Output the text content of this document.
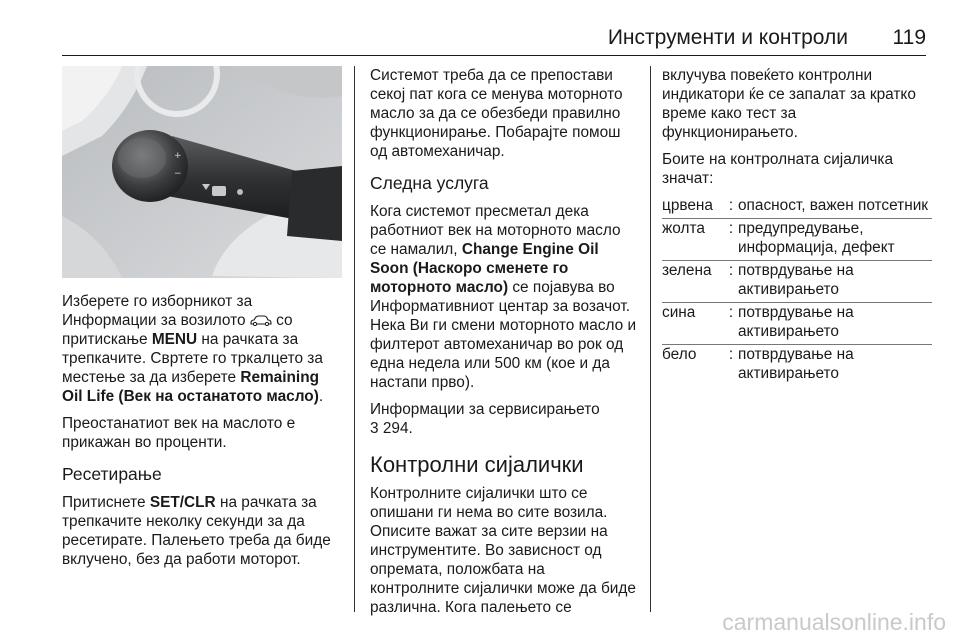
Инструменти и контроли 119
+
−

Изберете го изборникот за Информации за возилото  со притискање MENU на рачката за трепкачите. Свртете го тркалцето за местење за да изберете Remaining Oil Life (Век на останатото масло).

Преостанатиот век на маслото е прикажан во проценти.

Ресетирање

Притиснете SET/CLR на рачката за трепкачите неколку секунди за да ресетирате. Палењето треба да биде вклучено, без да работи моторот.

Системот треба да се препостави секој пат кога се менува моторното масло за да се обезбеди правилно функционирање. Побарајте помош од автомеханичар.

Следна услуга

Кога системот пресметал дека работниот век на моторното масло се намалил, Change Engine Oil Soon (Наскоро сменете го моторното масло) се појавува во Информативниот центар за возачот. Нека Ви ги смени моторното масло и филтерот автомеханичар во рок од една недела или 500 км (кое и да настапи прво).

Информации за сервисирањето
3 294.

Контролни сијалички

Контролните сијалички што се опишани ги нема во сите возила. Описите важат за сите верзии на инструментите. Во зависност од опремата, положбата на контролните сијалички може да биде различна. Кога палењето се

вклучува повеќето контролни индикатори ќе се запалат за кратко време како тест за функционирањето.

Боите на контролната сијаличка значат:

црвена	:	опасност, важен потсетник
жолта	:	предупредување, информација, дефект
зелена	:	потврдување на активирањето
сина	:	потврдување на активирањето
бело	:	потврдување на активирањето
carmanualsonline.info
